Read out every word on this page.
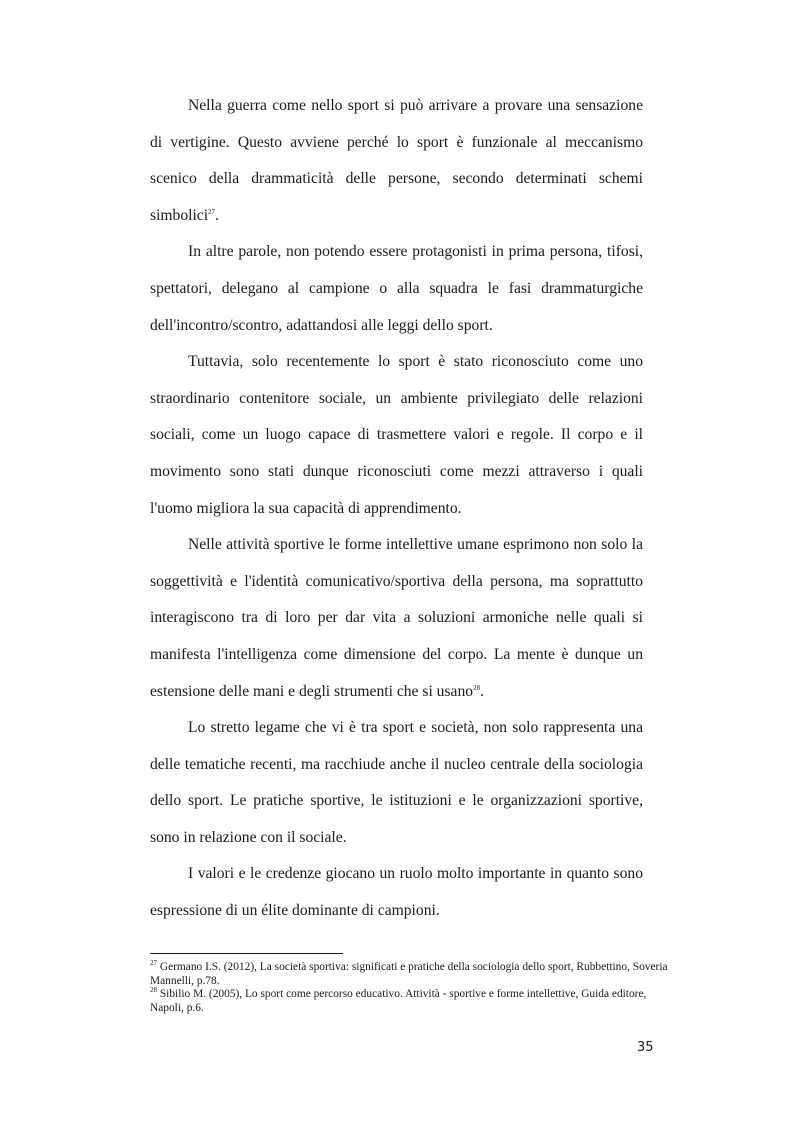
Nella guerra come nello sport si può arrivare a provare una sensazione di vertigine. Questo avviene perché lo sport è funzionale al meccanismo scenico della drammaticità delle persone, secondo determinati schemi simbolici$^{27}$.

In altre parole, non potendo essere protagonisti in prima persona, tifosi, spettatori, delegano al campione o alla squadra le fasi drammaturgiche dell'incontro/scontro, adattandosi alle leggi dello sport.

Tuttavia, solo recentemente lo sport è stato riconosciuto come uno straordinario contenitore sociale, un ambiente privilegiato delle relazioni sociali, come un luogo capace di trasmettere valori e regole. Il corpo e il movimento sono stati dunque riconosciuti come mezzi attraverso i quali l'uomo migliora la sua capacità di apprendimento.

Nelle attività sportive le forme intellettive umane esprimono non solo la soggettività e l'identità comunicativo/sportiva della persona, ma soprattutto interagiscono tra di loro per dar vita a soluzioni armoniche nelle quali si manifesta l'intelligenza come dimensione del corpo. La mente è dunque un estensione delle mani e degli strumenti che si usano$^{28}$.

Lo stretto legame che vi è tra sport e società, non solo rappresenta una delle tematiche recenti, ma racchiude anche il nucleo centrale della sociologia dello sport. Le pratiche sportive, le istituzioni e le organizzazioni sportive, sono in relazione con il sociale.

I valori e le credenze giocano un ruolo molto importante in quanto sono espressione di un élite dominante di campioni.

$^{27}$ Germano I.S. (2012), La società sportiva: significati e pratiche della sociologia dello sport, Rubbettino, Soveria Mannelli, p.78.

$^{28}$ Sibilio M. (2005), Lo sport come percorso educativo. Attività - sportive e forme intellettive, Guida editore, Napoli, p.6.

35
